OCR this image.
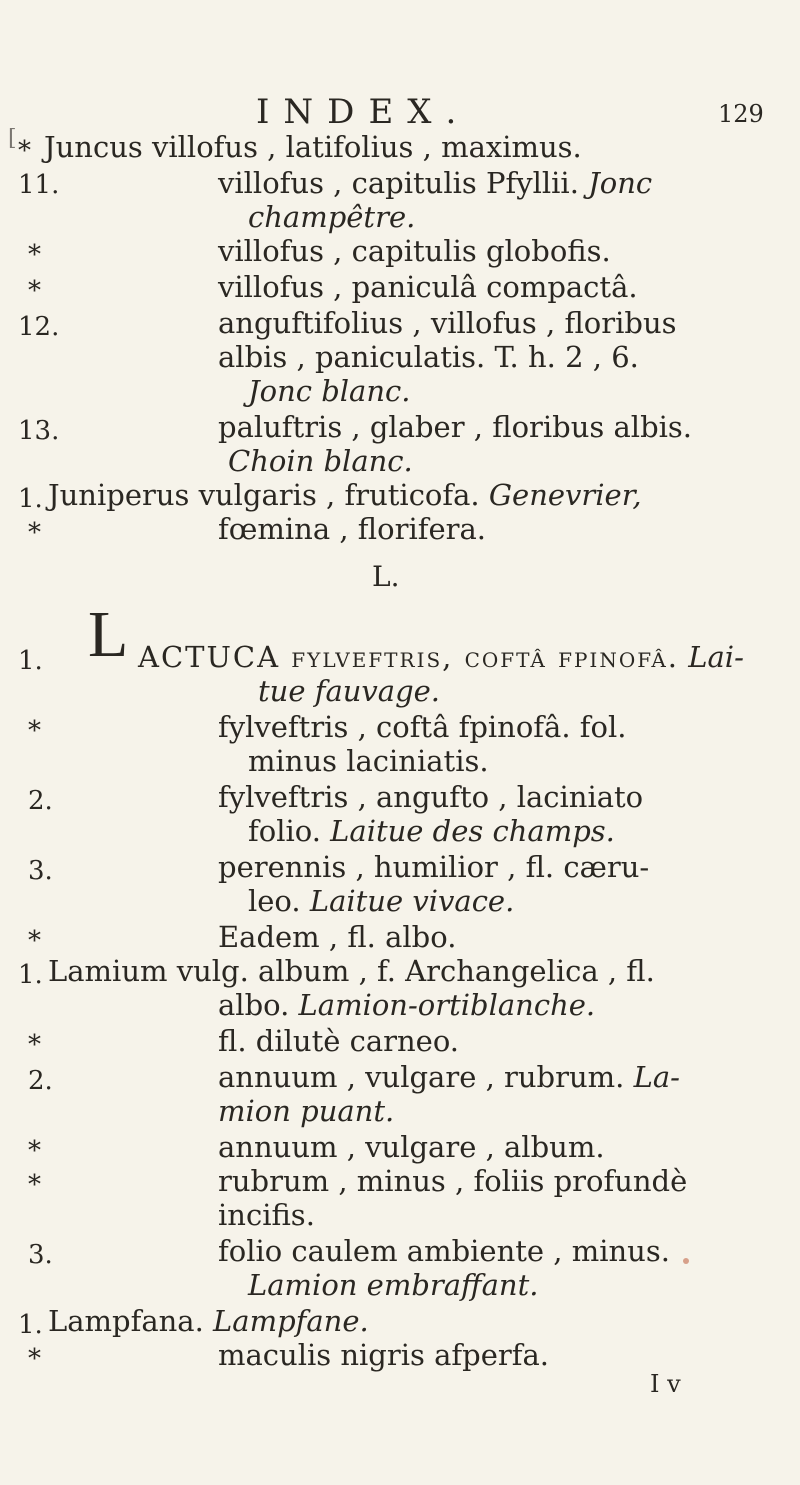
INDEX.	129
[ * Juncus villofus , latifolius , maximus.
11.	villofus , capitulis Pfyllii. Jonc
champêtre.
*	villofus , capitulis globofis.
*	villofus , paniculâ compactâ.
12.	anguftifolius , villofus , floribus
albis , paniculatis. T. h. 2 , 6.
Jonc blanc.
13.	paluftris , glaber , floribus albis.
Choin blanc.
1. Juniperus vulgaris , fruticofa. Genevrier,
*	fœmina , florifera.
L.
1. L ACTUCA fylveftris, coftâ fpinofâ. Lai-
tue fauvage.
*	fylveftris , coftâ fpinofâ. fol.
minus laciniatis.
2.	fylveftris , angufto , laciniato
folio. Laitue des champs.
3.	perennis , humilior , fl. cæru-
leo. Laitue vivace.
*	Eadem , fl. albo.
1. Lamium vulg. album , f. Archangelica , fl.
albo. Lamion-ortiblanche.
*	fl. dilutè carneo.
2.	annuum , vulgare , rubrum. La-
mion puant.
*	annuum , vulgare , album.
*	rubrum , minus , foliis profundè
incifis.
3.	folio caulem ambiente , minus.
Lamion embraffant.
1. Lampfana. Lampfane.
*	maculis nigris afperfa.
I v
